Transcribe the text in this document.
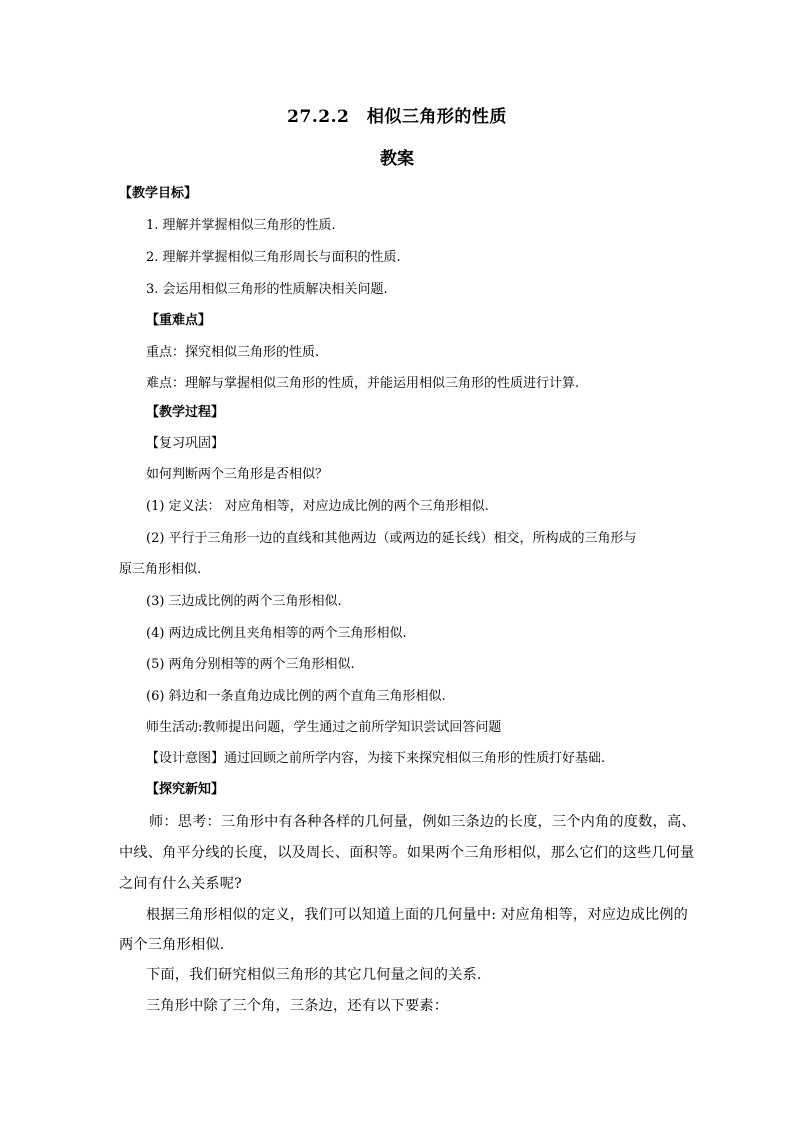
27.2.2　相似三角形的性质
教案
【教学目标】
1. 理解并掌握相似三角形的性质.
2. 理解并掌握相似三角形周长与面积的性质.
3. 会运用相似三角形的性质解决相关问题.
【重难点】
重点：探究相似三角形的性质.
难点：理解与掌握相似三角形的性质，并能运用相似三角形的性质进行计算.
【教学过程】
【复习巩固】
如何判断两个三角形是否相似？
(1) 定义法： 对应角相等，对应边成比例的两个三角形相似.
(2) 平行于三角形一边的直线和其他两边（或两边的延长线）相交，所构成的三角形与
原三角形相似.
(3) 三边成比例的两个三角形相似.
(4) 两边成比例且夹角相等的两个三角形相似.
(5) 两角分别相等的两个三角形相似.
(6) 斜边和一条直角边成比例的两个直角三角形相似.
师生活动:教师提出问题，学生通过之前所学知识尝试回答问题
【设计意图】通过回顾之前所学内容，为接下来探究相似三角形的性质打好基础.
【探究新知】
师：思考：三角形中有各种各样的几何量，例如三条边的长度，三个内角的度数，高、
中线、角平分线的长度，以及周长、面积等。如果两个三角形相似，那么它们的这些几何量
之间有什么关系呢?
根据三角形相似的定义，我们可以知道上面的几何量中: 对应角相等，对应边成比例的
两个三角形相似.
下面，我们研究相似三角形的其它几何量之间的关系.
三角形中除了三个角，三条边，还有以下要素：
